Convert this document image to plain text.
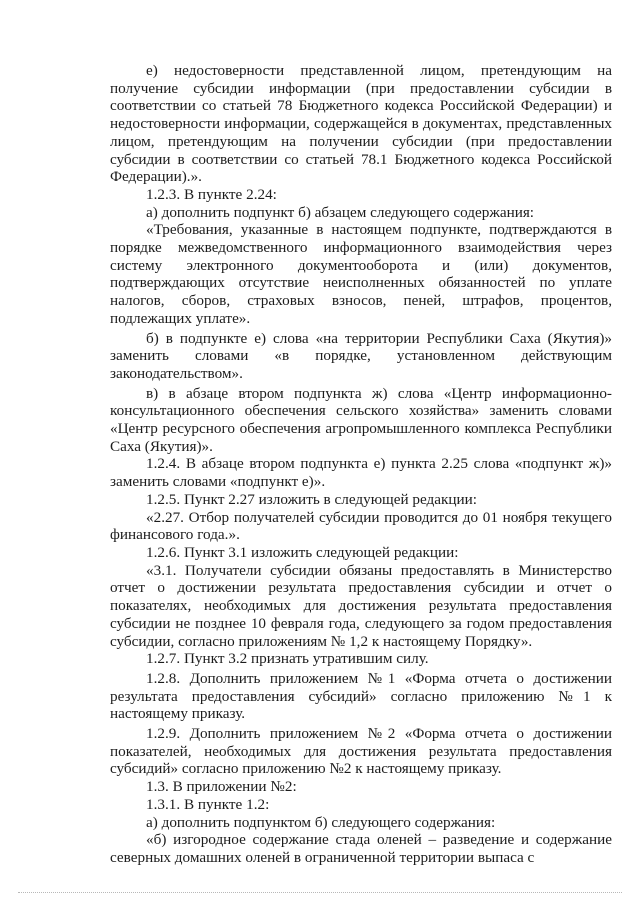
е) недостоверности представленной лицом, претендующим на получение субсидии информации (при предоставлении субсидии в соответствии со статьей 78 Бюджетного кодекса Российской Федерации) и недостоверности информации, содержащейся в документах, представленных лицом, претендующим на получении субсидии (при предоставлении субсидии в соответствии со статьей 78.1 Бюджетного кодекса Российской Федерации).».

1.2.3. В пункте 2.24:

а) дополнить подпункт б) абзацем следующего содержания:

«Требования, указанные в настоящем подпункте, подтверждаются в порядке межведомственного информационного взаимодействия через систему электронного документооборота и (или) документов, подтверждающих отсутствие неисполненных обязанностей по уплате налогов, сборов, страховых взносов, пеней, штрафов, процентов, подлежащих уплате».

б) в подпункте е) слова «на территории Республики Саха (Якутия)» заменить словами «в порядке, установленном действующим законодательством».

в) в абзаце втором подпункта ж) слова «Центр информационно-консультационного обеспечения сельского хозяйства» заменить словами «Центр ресурсного обеспечения агропромышленного комплекса Республики Саха (Якутия)».

1.2.4. В абзаце втором подпункта е) пункта 2.25 слова «подпункт ж)» заменить словами «подпункт е)».

1.2.5. Пункт 2.27 изложить в следующей редакции:

«2.27. Отбор получателей субсидии проводится до 01 ноября текущего финансового года.».

1.2.6. Пункт 3.1 изложить следующей редакции:

«3.1. Получатели субсидии обязаны предоставлять в Министерство отчет о достижении результата предоставления субсидии и отчет о показателях, необходимых для достижения результата предоставления субсидии не позднее 10 февраля года, следующего за годом предоставления субсидии, согласно приложениям № 1,2 к настоящему Порядку».

1.2.7. Пункт 3.2 признать утратившим силу.

1.2.8. Дополнить приложением №1 «Форма отчета о достижении результата предоставления субсидий» согласно приложению №1 к настоящему приказу.

1.2.9. Дополнить приложением №2 «Форма отчета о достижении показателей, необходимых для достижения результата предоставления субсидий» согласно приложению №2 к настоящему приказу.

1.3. В приложении №2:

1.3.1. В пункте 1.2:

а) дополнить подпунктом б) следующего содержания:

«б) изгородное содержание стада оленей – разведение и содержание северных домашних оленей в ограниченной территории выпаса с
